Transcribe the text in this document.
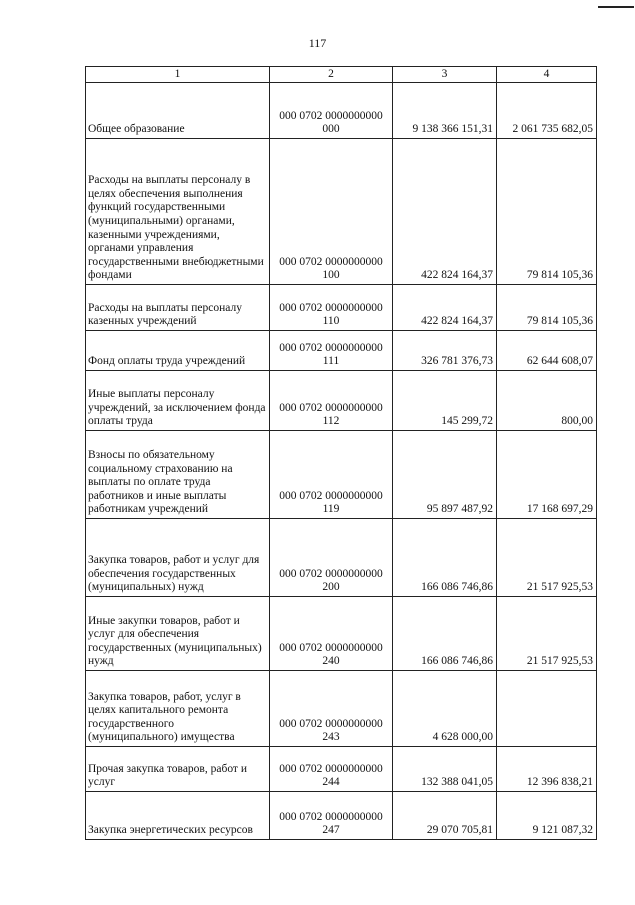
117
1	2	3	4
Общее образование	000 0702 0000000000 000	9 138 366 151,31	2 061 735 682,05
Расходы на выплаты персоналу в целях обеспечения выполнения функций государственными (муниципальными) органами, казенными учреждениями, органами управления государственными внебюджетными фондами	000 0702 0000000000 100	422 824 164,37	79 814 105,36
Расходы на выплаты персоналу казенных учреждений	000 0702 0000000000 110	422 824 164,37	79 814 105,36
Фонд оплаты труда учреждений	000 0702 0000000000 111	326 781 376,73	62 644 608,07
Иные выплаты персоналу учреждений, за исключением фонда оплаты труда	000 0702 0000000000 112	145 299,72	800,00
Взносы по обязательному социальному страхованию на выплаты по оплате труда работников и иные выплаты работникам учреждений	000 0702 0000000000 119	95 897 487,92	17 168 697,29
Закупка товаров, работ и услуг для обеспечения государственных (муниципальных) нужд	000 0702 0000000000 200	166 086 746,86	21 517 925,53
Иные закупки товаров, работ и услуг для обеспечения государственных (муниципальных) нужд	000 0702 0000000000 240	166 086 746,86	21 517 925,53
Закупка товаров, работ, услуг в целях капитального ремонта государственного (муниципального) имущества	000 0702 0000000000 243	4 628 000,00	
Прочая закупка товаров, работ и услуг	000 0702 0000000000 244	132 388 041,05	12 396 838,21
Закупка энергетических ресурсов	000 0702 0000000000 247	29 070 705,81	9 121 087,32
